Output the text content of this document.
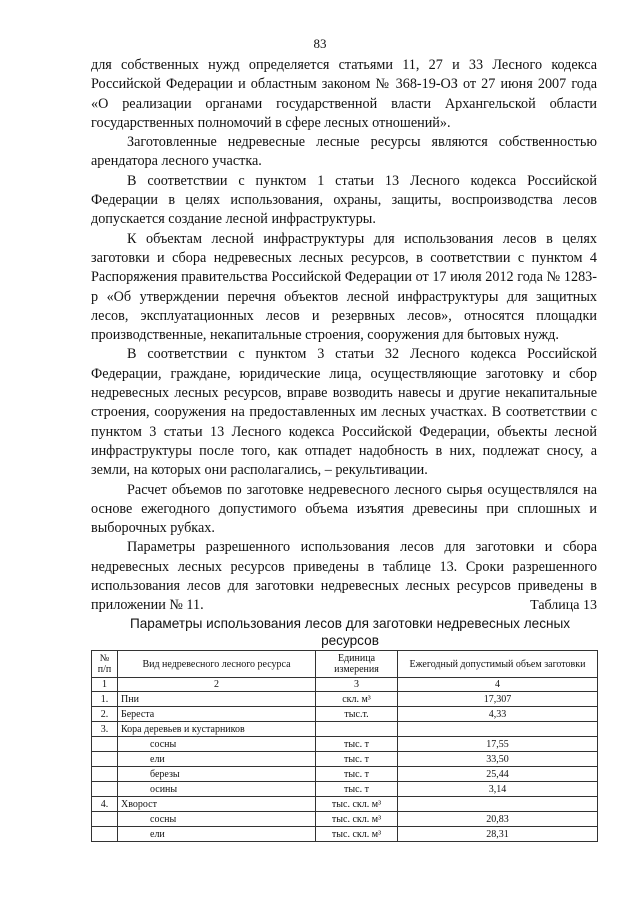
83

для собственных нужд определяется статьями 11, 27 и 33 Лесного кодекса Российской Федерации и областным законом № 368-19-ОЗ от 27 июня 2007 года «О реализации органами государственной власти Архангельской области государственных полномочий в сфере лесных отношений».

Заготовленные недревесные лесные ресурсы являются собственностью арендатора лесного участка.

В соответствии с пунктом 1 статьи 13 Лесного кодекса Российской Федерации в целях использования, охраны, защиты, воспроизводства лесов допускается создание лесной инфраструктуры.

К объектам лесной инфраструктуры для использования лесов в целях заготовки и сбора недревесных лесных ресурсов, в соответствии с пунктом 4 Распоряжения правительства Российской Федерации от 17 июля 2012 года № 1283-р «Об утверждении перечня объектов лесной инфраструктуры для защитных лесов, эксплуатационных лесов и резервных лесов», относятся площадки производственные, некапитальные строения, сооружения для бытовых нужд.

В соответствии с пунктом 3 статьи 32 Лесного кодекса Российской Федерации, граждане, юридические лица, осуществляющие заготовку и сбор недревесных лесных ресурсов, вправе возводить навесы и другие некапитальные строения, сооружения на предоставленных им лесных участках. В соответствии с пунктом 3 статьи 13 Лесного кодекса Российской Федерации, объекты лесной инфраструктуры после того, как отпадет надобность в них, подлежат сносу, а земли, на которых они располагались, – рекультивации.

Расчет объемов по заготовке недревесного лесного сырья осуществлялся на основе ежегодного допустимого объема изъятия древесины при сплошных и выборочных рубках.

Параметры разрешенного использования лесов для заготовки и сбора недревесных лесных ресурсов приведены в таблице 13. Сроки разрешенного использования лесов для заготовки недревесных лесных ресурсов приведены в приложении № 11.	Таблица 13
Параметры использования лесов для заготовки недревесных лесных ресурсов
№ п/п	Вид недревесного лесного ресурса	Единица измерения	Ежегодный допустимый объем заготовки
1	2	3	4
1.	Пни	скл. м³	17,307
2.	Береста	тыс.т.	4,33
3.	Кора деревьев и кустарников		
	сосны	тыс. т	17,55
	ели	тыс. т	33,50
	березы	тыс. т	25,44
	осины	тыс. т	3,14
4.	Хворост	тыс. скл. м³	
	сосны	тыс. скл. м³	20,83
	ели	тыс. скл. м³	28,31
